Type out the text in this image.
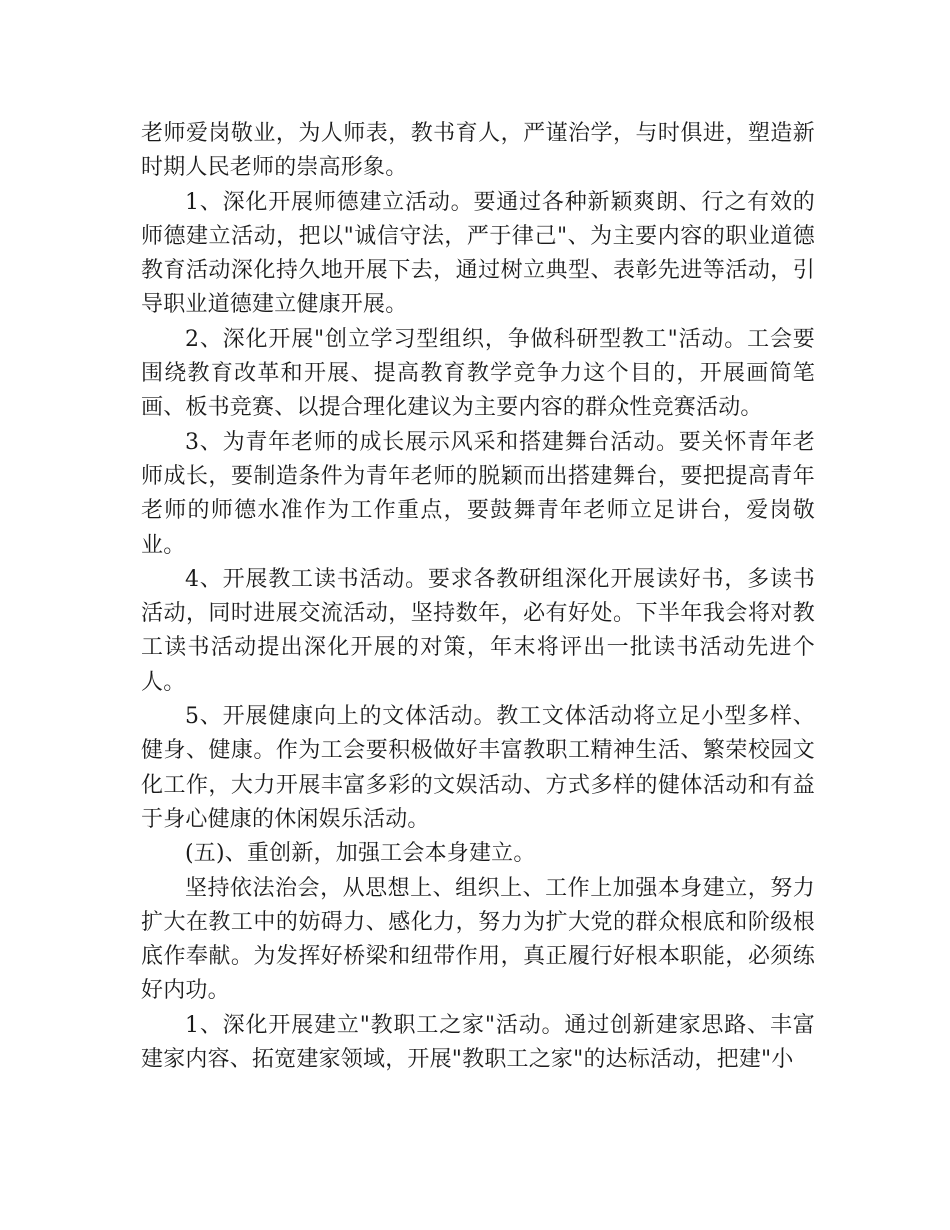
老师爱岗敬业，为人师表，教书育人，严谨治学，与时俱进，塑造新时期人民老师的崇高形象。

1、深化开展师德建立活动。要通过各种新颖爽朗、行之有效的师德建立活动，把以"诚信守法，严于律己"、为主要内容的职业道德教育活动深化持久地开展下去，通过树立典型、表彰先进等活动，引导职业道德建立健康开展。

2、深化开展"创立学习型组织，争做科研型教工"活动。工会要围绕教育改革和开展、提高教育教学竞争力这个目的，开展画简笔画、板书竞赛、以提合理化建议为主要内容的群众性竞赛活动。

3、为青年老师的成长展示风采和搭建舞台活动。要关怀青年老师成长，要制造条件为青年老师的脱颖而出搭建舞台，要把提高青年老师的师德水准作为工作重点，要鼓舞青年老师立足讲台，爱岗敬业。

4、开展教工读书活动。要求各教研组深化开展读好书，多读书活动，同时进展交流活动，坚持数年，必有好处。下半年我会将对教工读书活动提出深化开展的对策，年末将评出一批读书活动先进个人。

5、开展健康向上的文体活动。教工文体活动将立足小型多样、健身、健康。作为工会要积极做好丰富教职工精神生活、繁荣校园文化工作，大力开展丰富多彩的文娱活动、方式多样的健体活动和有益于身心健康的休闲娱乐活动。

(五)、重创新，加强工会本身建立。

坚持依法治会，从思想上、组织上、工作上加强本身建立，努力扩大在教工中的妨碍力、感化力，努力为扩大党的群众根底和阶级根底作奉献。为发挥好桥梁和纽带作用，真正履行好根本职能，必须练好内功。

1、深化开展建立"教职工之家"活动。通过创新建家思路、丰富建家内容、拓宽建家领域，开展"教职工之家"的达标活动，把建"小
